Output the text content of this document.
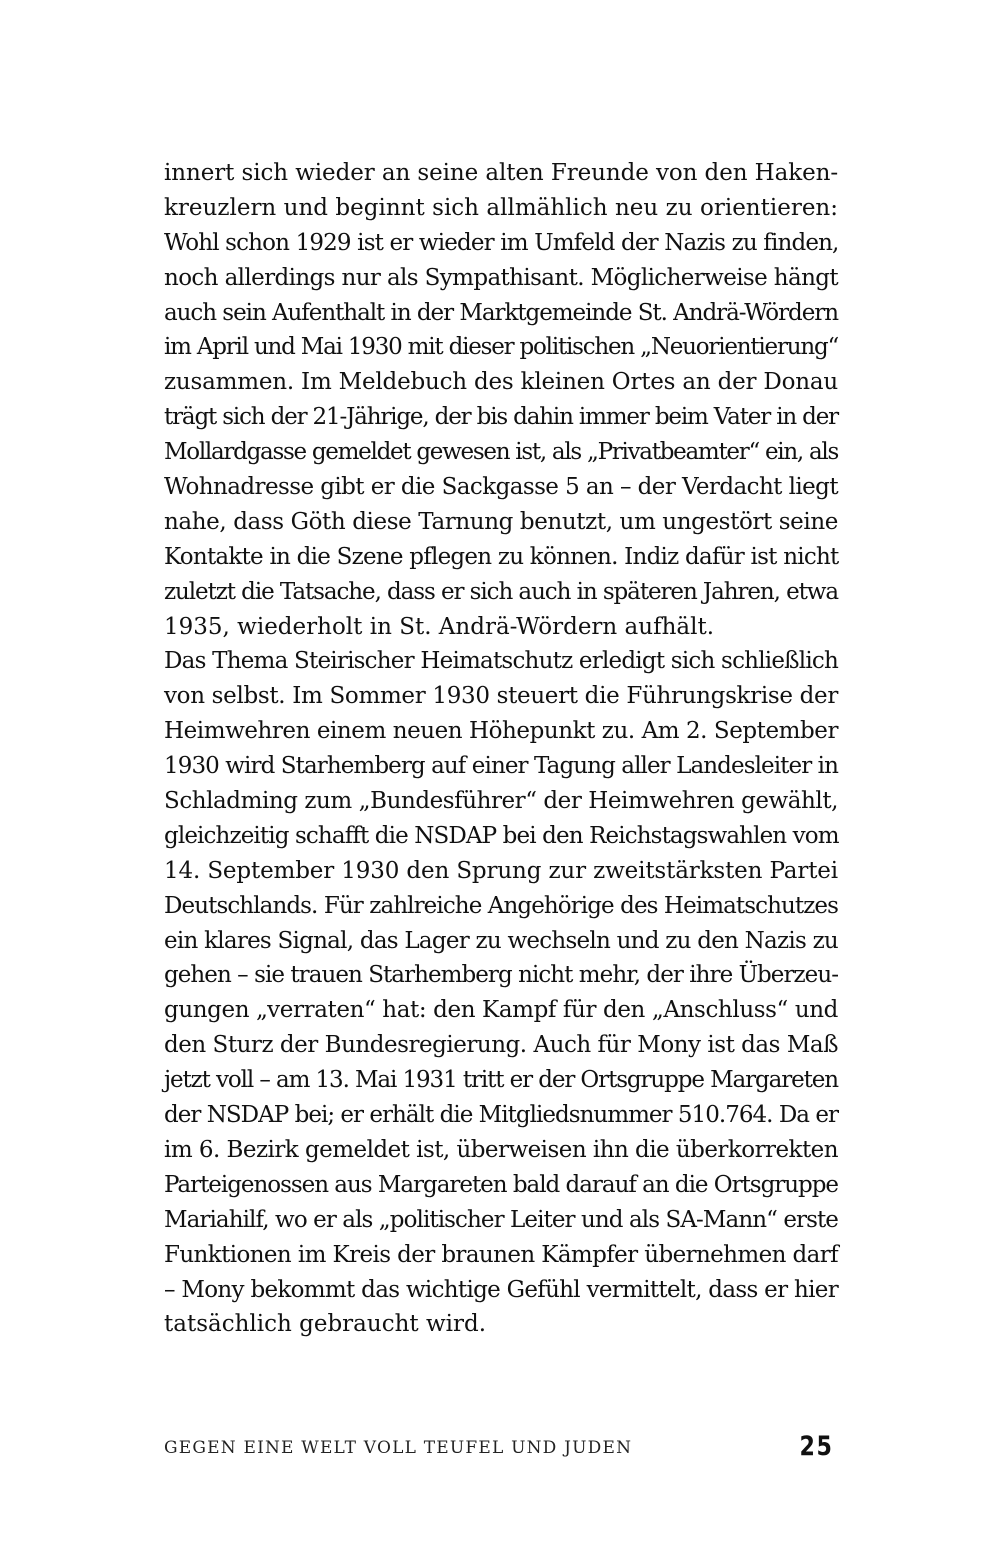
innert sich wieder an seine alten Freunde von den Haken-
kreuzlern und beginnt sich allmählich neu zu orientieren:
Wohl schon 1929 ist er wieder im Umfeld der Nazis zu finden,
noch allerdings nur als Sympathisant. Möglicherweise hängt
auch sein Aufenthalt in der Marktgemeinde St. Andrä-Wördern
im April und Mai 1930 mit dieser politischen „Neuorientierung“
zusammen. Im Meldebuch des kleinen Ortes an der Donau
trägt sich der 21-Jährige, der bis dahin immer beim Vater in der
Mollardgasse gemeldet gewesen ist, als „Privatbeamter“ ein, als
Wohnadresse gibt er die Sackgasse 5 an – der Verdacht liegt
nahe, dass Göth diese Tarnung benutzt, um ungestört seine
Kontakte in die Szene pflegen zu können. Indiz dafür ist nicht
zuletzt die Tatsache, dass er sich auch in späteren Jahren, etwa
1935, wiederholt in St. Andrä-Wördern aufhält.
Das Thema Steirischer Heimatschutz erledigt sich schließlich
von selbst. Im Sommer 1930 steuert die Führungskrise der
Heimwehren einem neuen Höhepunkt zu. Am 2. September
1930 wird Starhemberg auf einer Tagung aller Landesleiter in
Schladming zum „Bundesführer“ der Heimwehren gewählt,
gleichzeitig schafft die NSDAP bei den Reichstagswahlen vom
14. September 1930 den Sprung zur zweitstärksten Partei
Deutschlands. Für zahlreiche Angehörige des Heimatschutzes
ein klares Signal, das Lager zu wechseln und zu den Nazis zu
gehen – sie trauen Starhemberg nicht mehr, der ihre Überzeu-
gungen „verraten“ hat: den Kampf für den „Anschluss“ und
den Sturz der Bundesregierung. Auch für Mony ist das Maß
jetzt voll – am 13. Mai 1931 tritt er der Ortsgruppe Margareten
der NSDAP bei; er erhält die Mitgliedsnummer 510.764. Da er
im 6. Bezirk gemeldet ist, überweisen ihn die überkorrekten
Parteigenossen aus Margareten bald darauf an die Ortsgruppe
Mariahilf, wo er als „politischer Leiter und als SA-Mann“ erste
Funktionen im Kreis der braunen Kämpfer übernehmen darf
– Mony bekommt das wichtige Gefühl vermittelt, dass er hier
tatsächlich gebraucht wird.
GEGEN EINE WELT VOLL TEUFEL UND JUDEN	25
